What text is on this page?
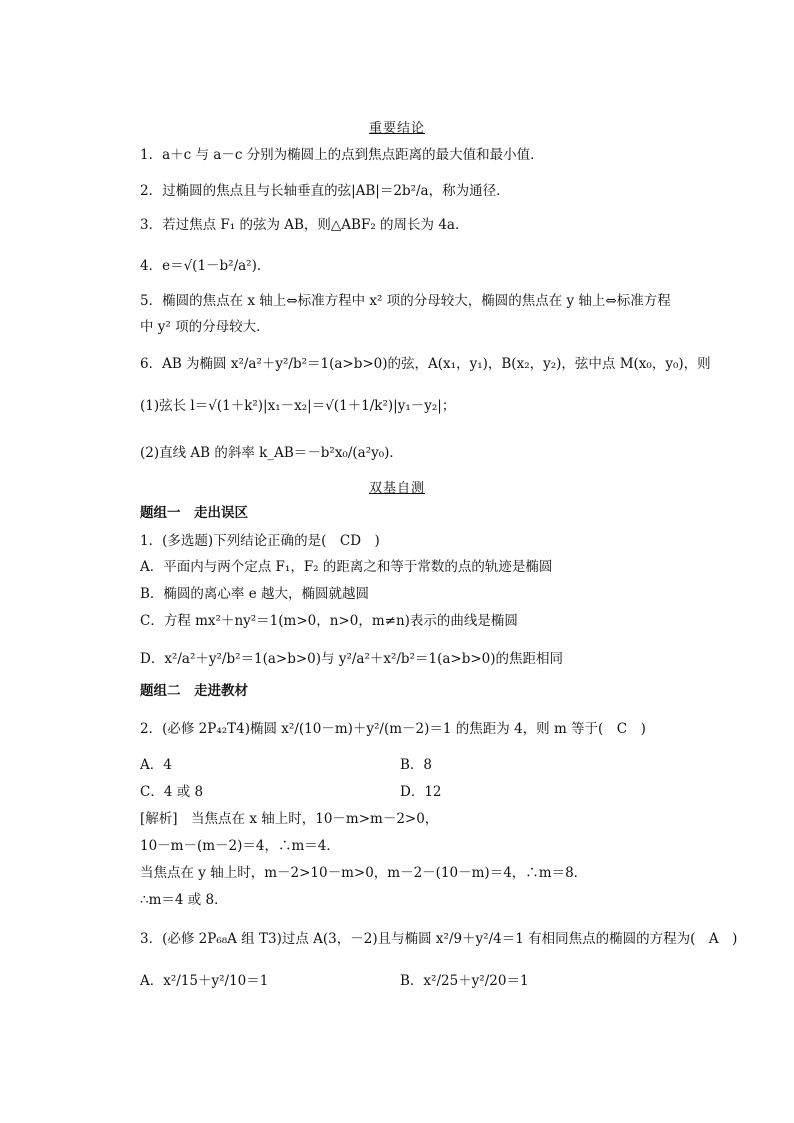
重要结论
1．a＋c 与 a－c 分别为椭圆上的点到焦点距离的最大值和最小值．
2．过椭圆的焦点且与长轴垂直的弦|AB|＝2b²/a，称为通径．
3．若过焦点 F₁ 的弦为 AB，则△ABF₂ 的周长为 4a．
4．e＝√(1－b²/a²)．
5．椭圆的焦点在 x 轴上⇔标准方程中 x² 项的分母较大，椭圆的焦点在 y 轴上⇔标准方程
中 y² 项的分母较大．
6．AB 为椭圆 x²/a²＋y²/b²＝1(a>b>0)的弦，A(x₁，y₁)，B(x₂，y₂)，弦中点 M(x₀，y₀)，则
(1)弦长 l＝√(1＋k²)|x₁－x₂|＝√(1＋1/k²)|y₁－y₂|；
(2)直线 AB 的斜率 k_AB＝－b²x₀/(a²y₀)．
双基自测
题组一　走出误区
1．(多选题)下列结论正确的是(　CD　)
A．平面内与两个定点 F₁，F₂ 的距离之和等于常数的点的轨迹是椭圆
B．椭圆的离心率 e 越大，椭圆就越圆
C．方程 mx²＋ny²＝1(m>0，n>0，m≠n)表示的曲线是椭圆
D．x²/a²＋y²/b²＝1(a>b>0)与 y²/a²＋x²/b²＝1(a>b>0)的焦距相同
题组二　走进教材
2．(必修 2P₄₂T4)椭圆 x²/(10－m)＋y²/(m－2)＝1 的焦距为 4，则 m 等于(　C　)
A．4	B．8
C．4 或 8	D．12
[解析]　当焦点在 x 轴上时，10－m>m－2>0，
10－m－(m－2)＝4，∴m＝4．
当焦点在 y 轴上时，m－2>10－m>0，m－2－(10－m)＝4，∴m＝8．
∴m＝4 或 8．
3．(必修 2P₆₈A 组 T3)过点 A(3，－2)且与椭圆 x²/9＋y²/4＝1 有相同焦点的椭圆的方程为(　A　)
A．x²/15＋y²/10＝1	B．x²/25＋y²/20＝1
